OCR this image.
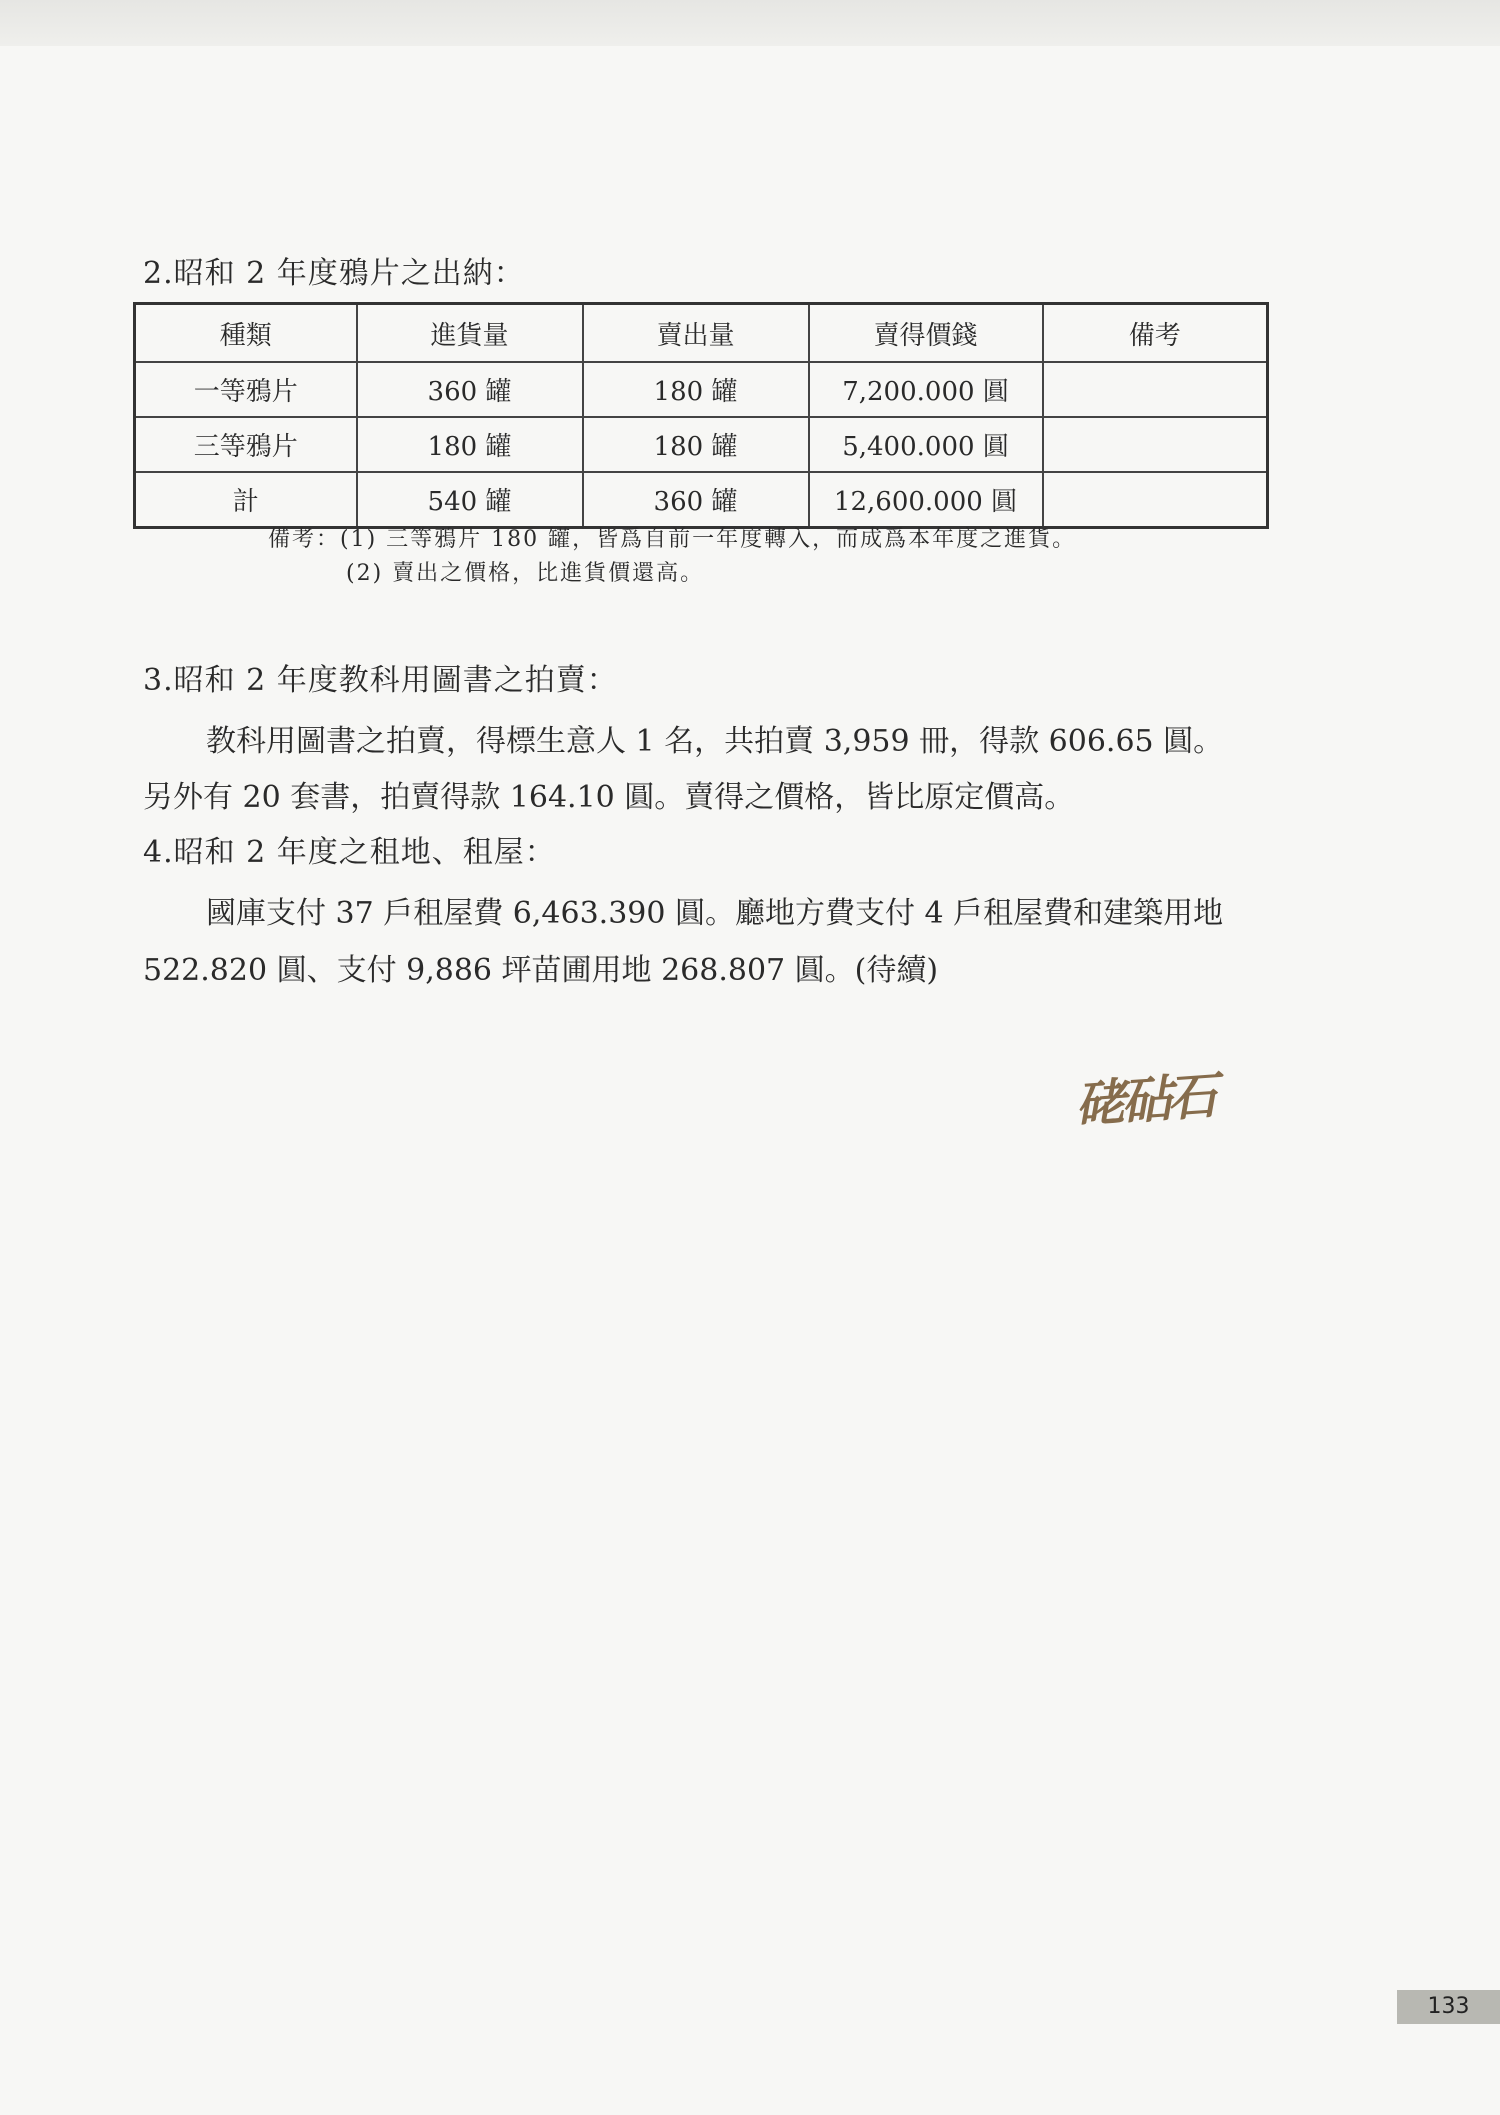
2.昭和 2 年度鴉片之出納：
種類	進貨量	賣出量	賣得價錢	備考
一等鴉片	360 罐	180 罐	7,200.000 圓	
三等鴉片	180 罐	180 罐	5,400.000 圓	
計	540 罐	360 罐	12,600.000 圓	
備考：(1) 三等鴉片 180 罐，皆爲自前一年度轉入，而成爲本年度之進貨。
(2) 賣出之價格，比進貨價還高。
3.昭和 2 年度教科用圖書之拍賣：
教科用圖書之拍賣，得標生意人 1 名，共拍賣 3,959 冊，得款 606.65 圓。
另外有 20 套書，拍賣得款 164.10 圓。賣得之價格，皆比原定價高。
4.昭和 2 年度之租地、租屋：
國庫支付 37 戶租屋費 6,463.390 圓。廳地方費支付 4 戶租屋費和建築用地
522.820 圓、支付 9,886 坪苗圃用地 268.807 圓。(待續)
硓砧石
133
